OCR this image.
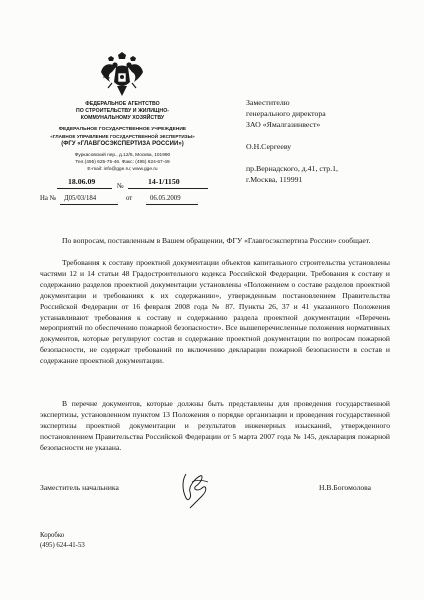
ФЕДЕРАЛЬНОЕ АГЕНТСТВО
ПО СТРОИТЕЛЬСТВУ И ЖИЛИЩНО-
КОММУНАЛЬНОМУ ХОЗЯЙСТВУ
ФЕДЕРАЛЬНОЕ ГОСУДАРСТВЕННОЕ УЧРЕЖДЕНИЕ
«ГЛАВНОЕ УПРАВЛЕНИЕ ГОСУДАРСТВЕННОЙ ЭКСПЕРТИЗЫ»
(ФГУ «ГЛАВГОСЭКСПЕРТИЗА РОССИИ»)
Фуркасовский пер., д.12/5, Москва, 101990
Тел.(495) 625-75-46. Факс: (495) 624-67-49
E-mail: info@gge.ru; www.gge.ru
18.06.09	№	14-1/1150
На № Д05/03/184	от	06.05.2009
Заместителю
генерального директора
ЗАО «Ямалгазинвест»
О.Н.Сергееву
пр.Вернадского, д.41, стр.1,
г.Москва, 119991
По вопросам, поставленным в Вашем обращении, ФГУ «Главгосэкспертиза России» сообщает.
Требования к составу проектной документации объектов капитального строительства установлены частями 12 и 14 статьи 48 Градостроительного кодекса Российской Федерации. Требования к составу и содержанию разделов проектной документации установлены «Положением о составе разделов проектной документации и требованиях к их содержанию», утвержденным постановлением Правительства Российской Федерации от 16 февраля 2008 года № 87. Пункты 26, 37 и 41 указанного Положения устанавливают требования к составу и содержанию раздела проектной документации «Перечень мероприятий по обеспечению пожарной безопасности». Все вышеперечисленные положения нормативных документов, которые регулируют состав и содержание проектной документации по вопросам пожарной безопасности, не содержат требований по включению декларации пожарной безопасности в состав и содержание проектной документации.
В перечне документов, которые должны быть представлены для проведения государственной экспертизы, установленном пунктом 13 Положения о порядке организации и проведения государственной экспертизы проектной документации и результатов инженерных изысканий, утвержденного постановлением Правительства Российской Федерации от 5 марта 2007 года № 145, декларация пожарной безопасности не указана.
Заместитель начальника	Н.В.Богомолова
Коробко
(495) 624-41-53
